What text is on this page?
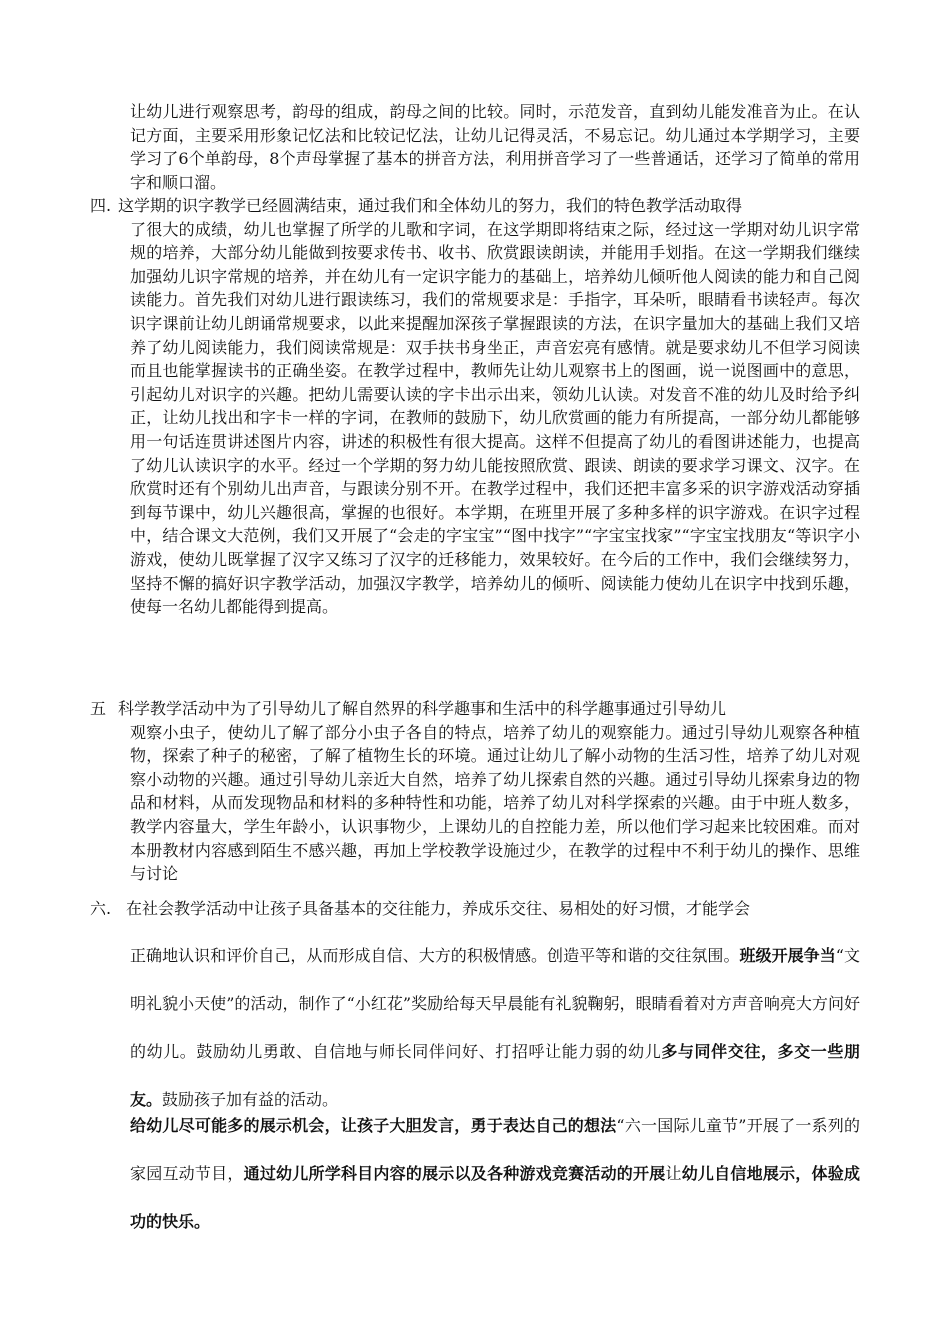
让幼儿进行观察思考，韵母的组成，韵母之间的比较。同时，示范发音，直到幼儿能发准音为止。在认记方面，主要采用形象记忆法和比较记忆法，让幼儿记得灵活，不易忘记。幼儿通过本学期学习，主要学习了6个单韵母，8个声母掌握了基本的拼音方法，利用拼音学习了一些普通话，还学习了简单的常用字和顺口溜。
四. 这学期的识字教学已经圆满结束，通过我们和全体幼儿的努力，我们的特色教学活动取得
了很大的成绩，幼儿也掌握了所学的儿歌和字词，在这学期即将结束之际，经过这一学期对幼儿识字常规的培养，大部分幼儿能做到按要求传书、收书、欣赏跟读朗读，并能用手划指。在这一学期我们继续加强幼儿识字常规的培养，并在幼儿有一定识字能力的基础上，培养幼儿倾听他人阅读的能力和自己阅读能力。首先我们对幼儿进行跟读练习，我们的常规要求是：手指字，耳朵听，眼睛看书读轻声。每次识字课前让幼儿朗诵常规要求，以此来提醒加深孩子掌握跟读的方法，在识字量加大的基础上我们又培养了幼儿阅读能力，我们阅读常规是：双手扶书身坐正，声音宏亮有感情。就是要求幼儿不但学习阅读而且也能掌握读书的正确坐姿。在教学过程中，教师先让幼儿观察书上的图画，说一说图画中的意思，引起幼儿对识字的兴趣。把幼儿需要认读的字卡出示出来，领幼儿认读。对发音不准的幼儿及时给予纠正，让幼儿找出和字卡一样的字词，在教师的鼓励下，幼儿欣赏画的能力有所提高，一部分幼儿都能够用一句话连贯讲述图片内容，讲述的积极性有很大提高。这样不但提高了幼儿的看图讲述能力，也提高了幼儿认读识字的水平。经过一个学期的努力幼儿能按照欣赏、跟读、朗读的要求学习课文、汉字。在欣赏时还有个别幼儿出声音，与跟读分别不开。在教学过程中，我们还把丰富多采的识字游戏活动穿插到每节课中，幼儿兴趣很高，掌握的也很好。本学期，在班里开展了多种多样的识字游戏。在识字过程中，结合课文大范例，我们又开展了“会走的字宝宝”“图中找字”“字宝宝找家”“字宝宝找朋友“等识字小游戏，使幼儿既掌握了汉字又练习了汉字的迁移能力，效果较好。在今后的工作中，我们会继续努力，坚持不懈的搞好识字教学活动，加强汉字教学，培养幼儿的倾听、阅读能力使幼儿在识字中找到乐趣，使每一名幼儿都能得到提高。
五 科学教学活动中为了引导幼儿了解自然界的科学趣事和生活中的科学趣事通过引导幼儿
观察小虫子，使幼儿了解了部分小虫子各自的特点，培养了幼儿的观察能力。通过引导幼儿观察各种植物，探索了种子的秘密，了解了植物生长的环境。通过让幼儿了解小动物的生活习性，培养了幼儿对观察小动物的兴趣。通过引导幼儿亲近大自然，培养了幼儿探索自然的兴趣。通过引导幼儿探索身边的物品和材料，从而发现物品和材料的多种特性和功能，培养了幼儿对科学探索的兴趣。由于中班人数多，教学内容量大，学生年龄小，认识事物少，上课幼儿的自控能力差，所以他们学习起来比较困难。而对本册教材内容感到陌生不感兴趣，再加上学校教学设施过少，在教学的过程中不利于幼儿的操作、思维与讨论
六. 在社会教学活动中让孩子具备基本的交往能力，养成乐交往、易相处的好习惯，才能学会
正确地认识和评价自己，从而形成自信、大方的积极情感。创造平等和谐的交往氛围。班级开展争当“文明礼貌小天使”的活动，制作了“小红花”奖励给每天早晨能有礼貌鞠躬，眼睛看着对方声音响亮大方问好的幼儿。鼓励幼儿勇敢、自信地与师长同伴问好、打招呼让能力弱的幼儿多与同伴交往，多交一些朋友。鼓励孩子加有益的活动。
给幼儿尽可能多的展示机会，让孩子大胆发言，勇于表达自己的想法“六一国际儿童节”开展了一系列的家园互动节目，通过幼儿所学科目内容的展示以及各种游戏竞赛活动的开展让幼儿自信地展示，体验成功的快乐。
